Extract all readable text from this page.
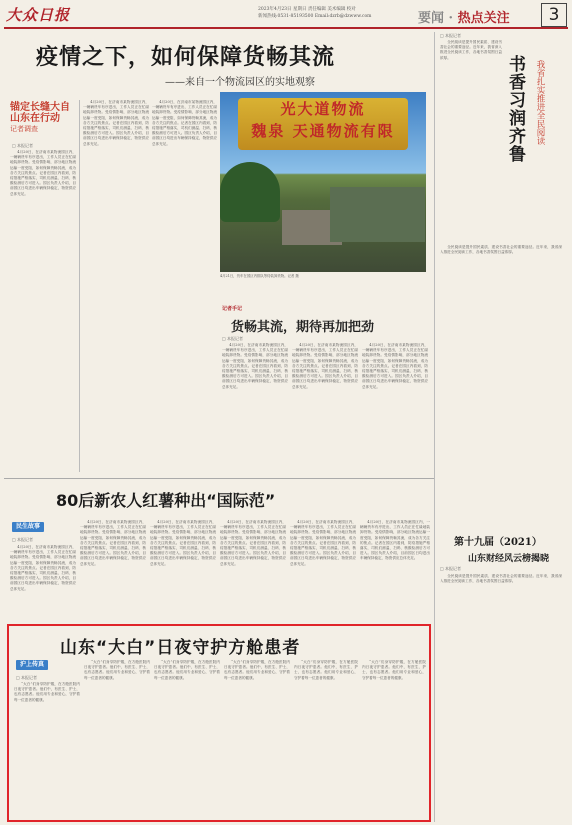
大众日报	2023年4月23日 星期日 责任编辑 美术编辑 校对
新闻热线:0531-85193500 Email:dzrb@dzwww.com	要闻 · 热点关注	3
疫情之下，如何保障货畅其流
——来自一个物流园区的实地观察
锚定长缝大自
山东在行动
记者调查
□ 本报记者

4月20日，在济南市某物流园区内，一辆辆货车有序进出，工作人员正在忙碌地装卸货物。受疫情影响，部分地区物流运输一度受阻，如何保障货畅其流，成为各方关注的焦点。记者在园区内看到，防疫措施严格落实，司机们测温、扫码、核酸检测后方可进入。园区负责人介绍，目前园区日均进出车辆保持稳定，物资供应总体充足。

4月20日，在济南市某物流园区内，一辆辆货车有序进出，工作人员正在忙碌地装卸货物。受疫情影响，部分地区物流运输一度受阻，如何保障货畅其流，成为各方关注的焦点。记者在园区内看到，防疫措施严格落实，司机们测温、扫码、核酸检测后方可进入。园区负责人介绍，目前园区日均进出车辆保持稳定，物资供应总体充足。

4月20日，在济南市某物流园区内，一辆辆货车有序进出，工作人员正在忙碌地装卸货物。受疫情影响，部分地区物流运输一度受阻，如何保障货畅其流，成为各方关注的焦点。记者在园区内看到，防疫措施严格落实，司机们测温、扫码、核酸检测后方可进入。园区负责人介绍，目前园区日均进出车辆保持稳定，物资供应总体充足。

光大道物流
魏泉 天通物流有限
4月21日，货车在园区内排队等待装卸货物。记者 摄
记者手记
货畅其流，期待再加把劲
□ 本报记者

4月20日，在济南市某物流园区内，一辆辆货车有序进出，工作人员正在忙碌地装卸货物。受疫情影响，部分地区物流运输一度受阻，如何保障货畅其流，成为各方关注的焦点。记者在园区内看到，防疫措施严格落实，司机们测温、扫码、核酸检测后方可进入。园区负责人介绍，目前园区日均进出车辆保持稳定，物资供应总体充足。

4月20日，在济南市某物流园区内，一辆辆货车有序进出，工作人员正在忙碌地装卸货物。受疫情影响，部分地区物流运输一度受阻，如何保障货畅其流，成为各方关注的焦点。记者在园区内看到，防疫措施严格落实，司机们测温、扫码、核酸检测后方可进入。园区负责人介绍，目前园区日均进出车辆保持稳定，物资供应总体充足。

4月20日，在济南市某物流园区内，一辆辆货车有序进出，工作人员正在忙碌地装卸货物。受疫情影响，部分地区物流运输一度受阻，如何保障货畅其流，成为各方关注的焦点。记者在园区内看到，防疫措施严格落实，司机们测温、扫码、核酸检测后方可进入。园区负责人介绍，目前园区日均进出车辆保持稳定，物资供应总体充足。

□ 本报记者

全民阅读是提升国民素质、建设书香社会的重要途径。近年来，我省深入推进全民阅读工作，各地书香氛围日益浓厚。	书香习润齐鲁	我省扎实推进全民阅读

全民阅读是提升国民素质、建设书香社会的重要途径。近年来，我省深入推进全民阅读工作，各地书香氛围日益浓厚。

80后新农人红薯种出“国际范”
民生故事
□ 本报记者

4月20日，在济南市某物流园区内，一辆辆货车有序进出，工作人员正在忙碌地装卸货物。受疫情影响，部分地区物流运输一度受阻，如何保障货畅其流，成为各方关注的焦点。记者在园区内看到，防疫措施严格落实，司机们测温、扫码、核酸检测后方可进入。园区负责人介绍，目前园区日均进出车辆保持稳定，物资供应总体充足。

4月20日，在济南市某物流园区内，一辆辆货车有序进出，工作人员正在忙碌地装卸货物。受疫情影响，部分地区物流运输一度受阻，如何保障货畅其流，成为各方关注的焦点。记者在园区内看到，防疫措施严格落实，司机们测温、扫码、核酸检测后方可进入。园区负责人介绍，目前园区日均进出车辆保持稳定，物资供应总体充足。

4月20日，在济南市某物流园区内，一辆辆货车有序进出，工作人员正在忙碌地装卸货物。受疫情影响，部分地区物流运输一度受阻，如何保障货畅其流，成为各方关注的焦点。记者在园区内看到，防疫措施严格落实，司机们测温、扫码、核酸检测后方可进入。园区负责人介绍，目前园区日均进出车辆保持稳定，物资供应总体充足。

4月20日，在济南市某物流园区内，一辆辆货车有序进出，工作人员正在忙碌地装卸货物。受疫情影响，部分地区物流运输一度受阻，如何保障货畅其流，成为各方关注的焦点。记者在园区内看到，防疫措施严格落实，司机们测温、扫码、核酸检测后方可进入。园区负责人介绍，目前园区日均进出车辆保持稳定，物资供应总体充足。

4月20日，在济南市某物流园区内，一辆辆货车有序进出，工作人员正在忙碌地装卸货物。受疫情影响，部分地区物流运输一度受阻，如何保障货畅其流，成为各方关注的焦点。记者在园区内看到，防疫措施严格落实，司机们测温、扫码、核酸检测后方可进入。园区负责人介绍，目前园区日均进出车辆保持稳定，物资供应总体充足。

4月20日，在济南市某物流园区内，一辆辆货车有序进出，工作人员正在忙碌地装卸货物。受疫情影响，部分地区物流运输一度受阻，如何保障货畅其流，成为各方关注的焦点。记者在园区内看到，防疫措施严格落实，司机们测温、扫码、核酸检测后方可进入。园区负责人介绍，目前园区日均进出车辆保持稳定，物资供应总体充足。

第十九届（2021）
山东财经风云榜揭晓
□ 本报记者

全民阅读是提升国民素质、建设书香社会的重要途径。近年来，我省深入推进全民阅读工作，各地书香氛围日益浓厚。

山东“大白”日夜守护方舱患者
沪上传真
□ 本报记者

“大白”们身穿防护服，在方舱医院内日夜守护患者。他们中，有医生、护士，也有志愿者。他们用专业和爱心，守护着每一位患者的健康。

“大白”们身穿防护服，在方舱医院内日夜守护患者。他们中，有医生、护士，也有志愿者。他们用专业和爱心，守护着每一位患者的健康。

“大白”们身穿防护服，在方舱医院内日夜守护患者。他们中，有医生、护士，也有志愿者。他们用专业和爱心，守护着每一位患者的健康。

“大白”们身穿防护服，在方舱医院内日夜守护患者。他们中，有医生、护士，也有志愿者。他们用专业和爱心，守护着每一位患者的健康。

“大白”们身穿防护服，在方舱医院内日夜守护患者。他们中，有医生、护士，也有志愿者。他们用专业和爱心，守护着每一位患者的健康。

“大白”们身穿防护服，在方舱医院内日夜守护患者。他们中，有医生、护士，也有志愿者。他们用专业和爱心，守护着每一位患者的健康。
